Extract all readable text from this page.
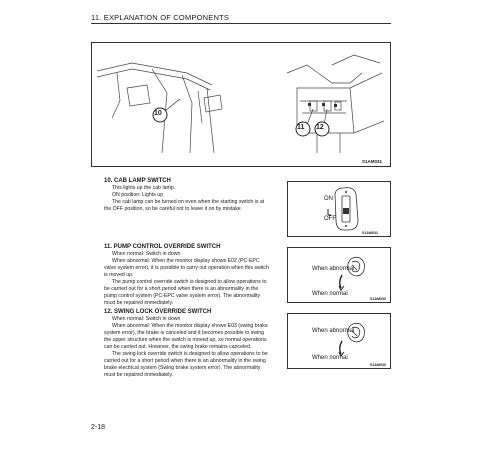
11. EXPLANATION OF COMPONENTS
10
11 12
S1AM031
10. CAB LAMP SWITCH
This lights up the cab lamp.
ON position: Lights up
The cab lamp can be turned on even when the starting switch is at
the OFF position, so be careful not to leave it on by mistake.
ON
OFF
S1AM032
11. PUMP CONTROL OVERRIDE SWITCH
When normal: Switch in down
When abnormal: When the monitor display shows E02 (PC-EPC
valve system error), it is possible to carry out operation when this switch
is moved up.
The pump control override switch is designed to allow operations to
be carried out for a short period when there is an abnormality in the
pump control system (PC-EPC valve system error). The abnormality
must be repaired immediately.
When abnormal
When normal
S1AM030
12. SWING LOCK OVERRIDE SWITCH
When normal: Switch in down
When abnormal: When the monitor display shows E03 (swing brake
system error), the brake is canceled and it becomes possible to swing
the upper structure when the switch is moved up, so normal operations
can be carried out. However, the swing brake remains canceled.
The swing lock override switch is designed to allow operations to be
carried out for a short period when there is an abnormality in the swing
brake electrical system (Swing brake system error). The abnormality
must be repaired immediately.
When abnormal
When normal
S1AM030
2-18
